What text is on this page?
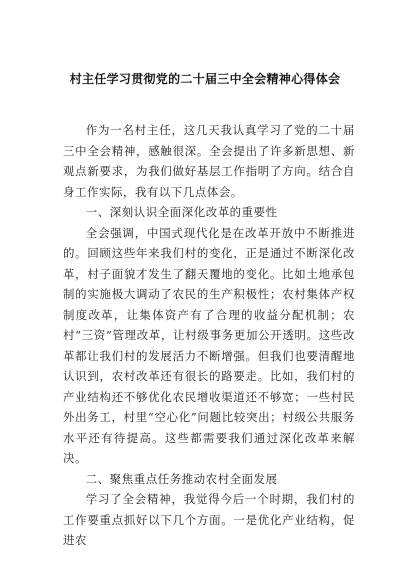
村主任学习贯彻党的二十届三中全会精神心得体会

作为一名村主任，这几天我认真学习了党的二十届三中全会精神，感触很深。全会提出了许多新思想、新观点新要求，为我们做好基层工作指明了方向。结合自身工作实际，我有以下几点体会。

一、深刻认识全面深化改革的重要性

全会强调，中国式现代化是在改革开放中不断推进的。回顾这些年来我们村的变化，正是通过不断深化改革，村子面貌才发生了翻天覆地的变化。比如土地承包制的实施极大调动了农民的生产积极性；农村集体产权制度改革，让集体资产有了合理的收益分配机制；农村“三资”管理改革，让村级事务更加公开透明。这些改革都让我们村的发展活力不断增强。但我们也要清醒地认识到，农村改革还有很长的路要走。比如，我们村的产业结构还不够优化农民增收渠道还不够宽；一些村民外出务工，村里“空心化”问题比较突出；村级公共服务水平还有待提高。这些都需要我们通过深化改革来解决。

二、聚焦重点任务推动农村全面发展

学习了全会精神，我觉得今后一个时期，我们村的工作要重点抓好以下几个方面。一是优化产业结构，促进农
